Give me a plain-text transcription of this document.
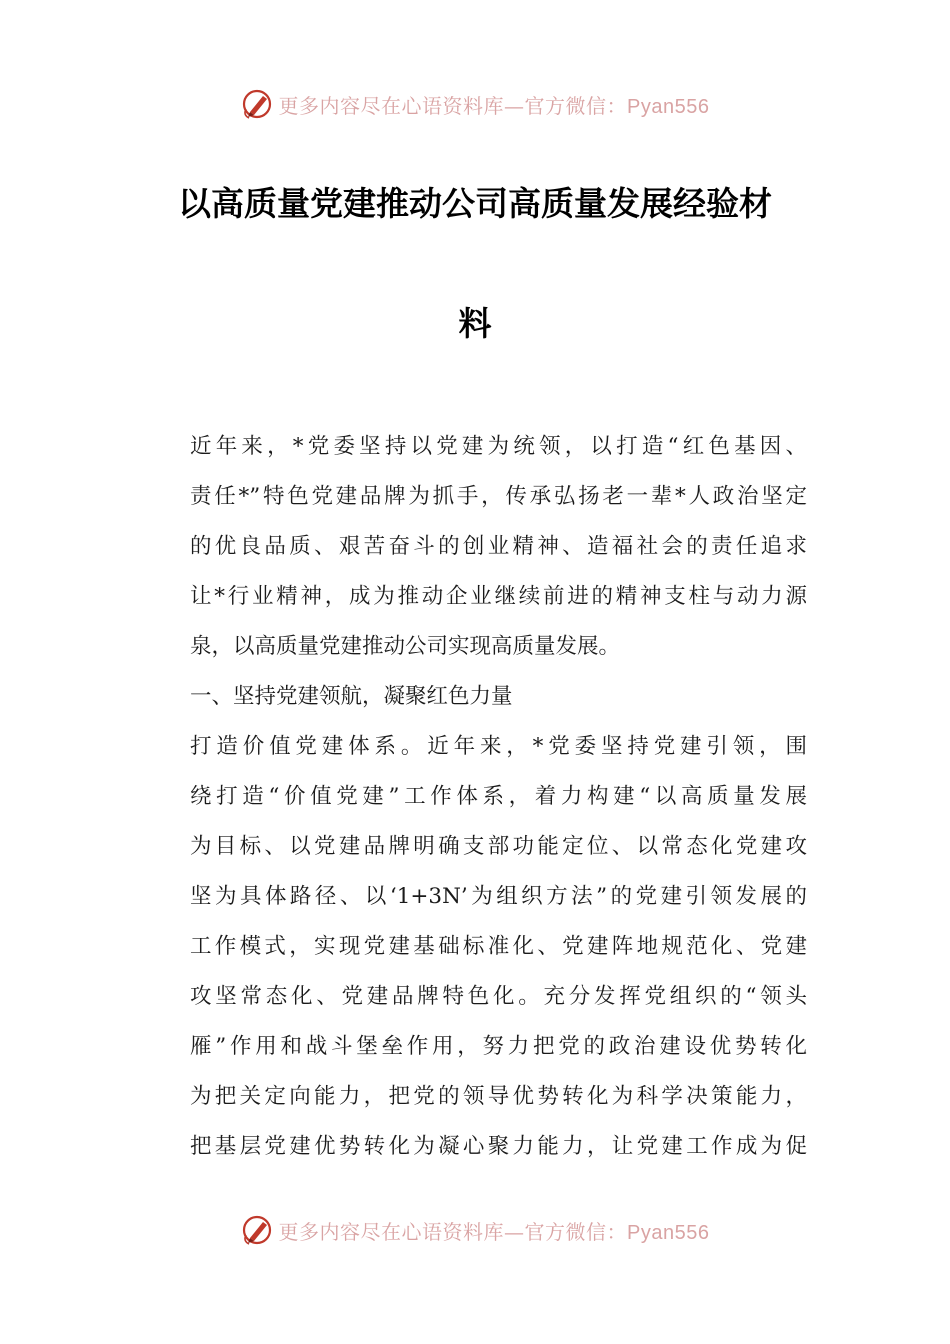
更多内容尽在心语资料库—官方微信：Pyan556
以高质量党建推动公司高质量发展经验材
料

近年来，*党委坚持以党建为统领，以打造“红色基因、
责任*”特色党建品牌为抓手，传承弘扬老一辈*人政治坚定
的优良品质、艰苦奋斗的创业精神、造福社会的责任追求
让*行业精神，成为推动企业继续前进的精神支柱与动力源
泉，以高质量党建推动公司实现高质量发展。

一、坚持党建领航，凝聚红色力量

打造价值党建体系。近年来，*党委坚持党建引领，围
绕打造“价值党建”工作体系，着力构建“以高质量发展
为目标、以党建品牌明确支部功能定位、以常态化党建攻
坚为具体路径、以‘1+3N’为组织方法”的党建引领发展的
工作模式，实现党建基础标准化、党建阵地规范化、党建
攻坚常态化、党建品牌特色化。充分发挥党组织的“领头
雁”作用和战斗堡垒作用，努力把党的政治建设优势转化
为把关定向能力，把党的领导优势转化为科学决策能力，
把基层党建优势转化为凝心聚力能力，让党建工作成为促

更多内容尽在心语资料库—官方微信：Pyan556
